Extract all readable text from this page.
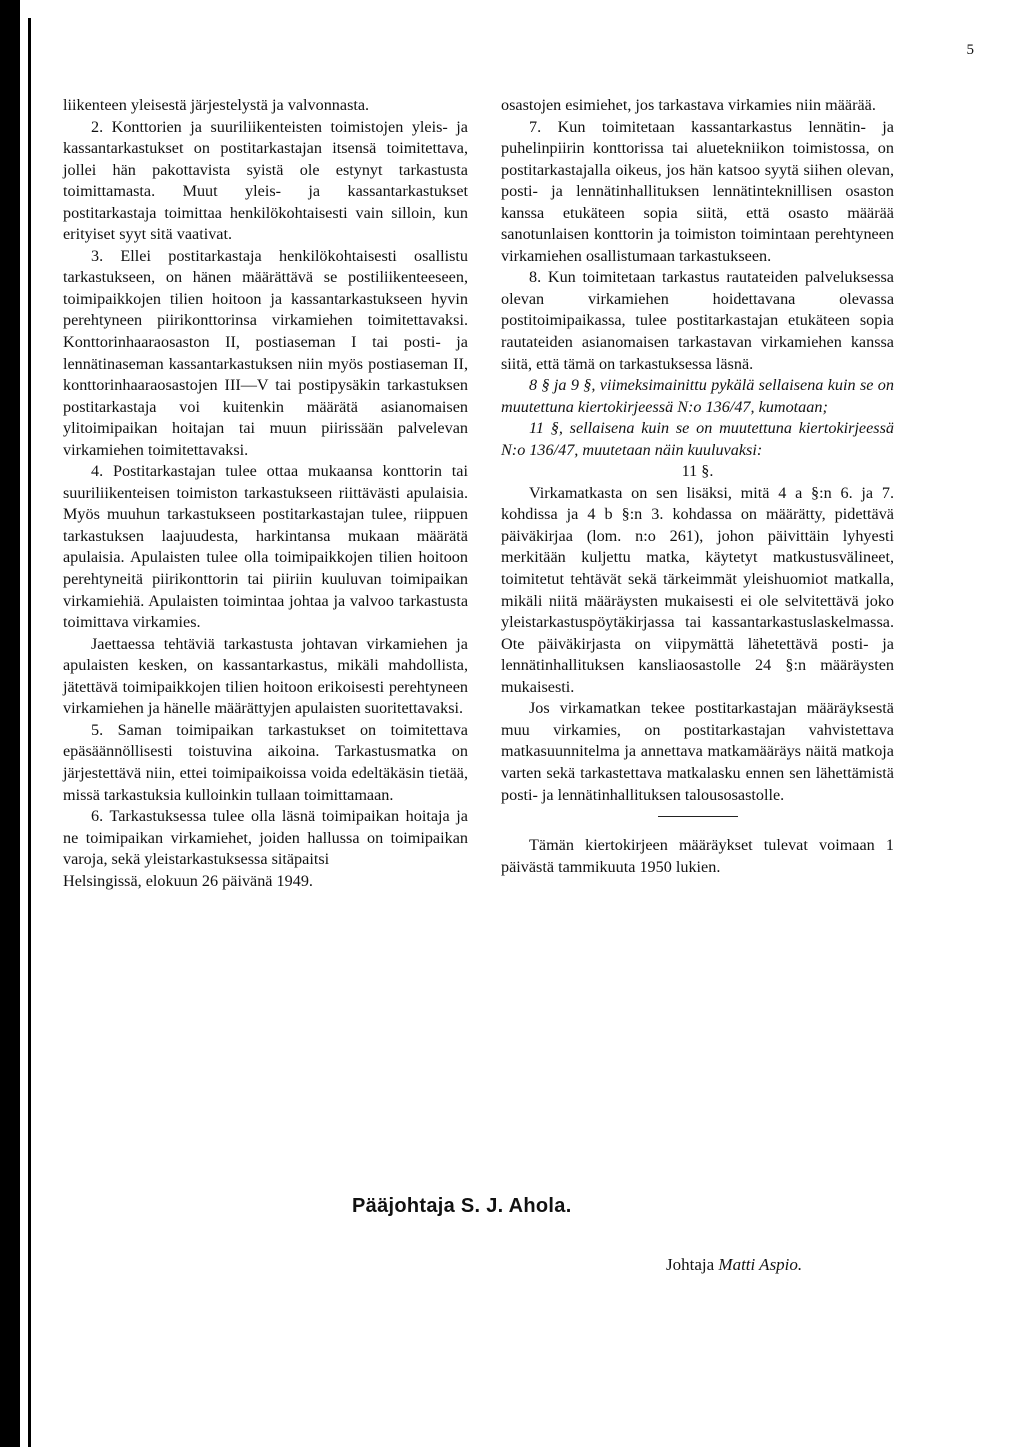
5

liikenteen yleisestä järjestelystä ja valvonnasta.

2. Konttorien ja suuriliikenteisten toimistojen yleis- ja kassantarkastukset on postitarkastajan itsensä toimitettava, jollei hän pakottavista syistä ole estynyt tarkastusta toimittamasta. Muut yleis- ja kassantarkastukset postitarkastaja toimittaa henkilökohtaisesti vain silloin, kun erityiset syyt sitä vaativat.

3. Ellei postitarkastaja henkilökohtaisesti osallistu tarkastukseen, on hänen määrättävä se postiliikenteeseen, toimipaikkojen tilien hoitoon ja kassantarkastukseen hyvin perehtyneen piirikonttorinsa virkamiehen toimitettavaksi. Konttorinhaaraosaston II, postiaseman I tai posti- ja lennätinaseman kassantarkastuksen niin myös postiaseman II, konttorinhaaraosastojen III—V tai postipysäkin tarkastuksen postitarkastaja voi kuitenkin määrätä asianomaisen ylitoimipaikan hoitajan tai muun piirissään palvelevan virkamiehen toimitettavaksi.

4. Postitarkastajan tulee ottaa mukaansa konttorin tai suuriliikenteisen toimiston tarkastukseen riittävästi apulaisia. Myös muuhun tarkastukseen postitarkastajan tulee, riippuen tarkastuksen laajuudesta, harkintansa mukaan määrätä apulaisia. Apulaisten tulee olla toimipaikkojen tilien hoitoon perehtyneitä piirikonttorin tai piiriin kuuluvan toimipaikan virkamiehiä. Apulaisten toimintaa johtaa ja valvoo tarkastusta toimittava virkamies.

Jaettaessa tehtäviä tarkastusta johtavan virkamiehen ja apulaisten kesken, on kassantarkastus, mikäli mahdollista, jätettävä toimipaikkojen tilien hoitoon erikoisesti perehtyneen virkamiehen ja hänelle määrättyjen apulaisten suoritettavaksi.

5. Saman toimipaikan tarkastukset on toimitettava epäsäännöllisesti toistuvina aikoina. Tarkastusmatka on järjestettävä niin, ettei toimipaikoissa voida edeltäkäsin tietää, missä tarkastuksia kulloinkin tullaan toimittamaan.

6. Tarkastuksessa tulee olla läsnä toimipaikan hoitaja ja ne toimipaikan virkamiehet, joiden hallussa on toimipaikan varoja, sekä yleistarkastuksessa sitäpaitsi

Helsingissä, elokuun 26 päivänä 1949.

osastojen esimiehet, jos tarkastava virkamies niin määrää.

7. Kun toimitetaan kassantarkastus lennätin- ja puhelinpiirin konttorissa tai aluetekniikon toimistossa, on postitarkastajalla oikeus, jos hän katsoo syytä siihen olevan, posti- ja lennätinhallituksen lennätinteknillisen osaston kanssa etukäteen sopia siitä, että osasto määrää sanotunlaisen konttorin ja toimiston toimintaan perehtyneen virkamiehen osallistumaan tarkastukseen.

8. Kun toimitetaan tarkastus rautateiden palveluksessa olevan virkamiehen hoidettavana olevassa postitoimipaikassa, tulee postitarkastajan etukäteen sopia rautateiden asianomaisen tarkastavan virkamiehen kanssa siitä, että tämä on tarkastuksessa läsnä.

8 § ja 9 §, viimeksimainittu pykälä sellaisena kuin se on muutettuna kiertokirjeessä N:o 136/47, kumotaan;

11 §, sellaisena kuin se on muutettuna kiertokirjeessä N:o 136/47, muutetaan näin kuuluvaksi:

11 §.

Virkamatkasta on sen lisäksi, mitä 4 a §:n 6. ja 7. kohdissa ja 4 b §:n 3. kohdassa on määrätty, pidettävä päiväkirjaa (lom. n:o 261), johon päivittäin lyhyesti merkitään kuljettu matka, käytetyt matkustusvälineet, toimitetut tehtävät sekä tärkeimmät yleishuomiot matkalla, mikäli niitä määräysten mukaisesti ei ole selvitettävä joko yleistarkastuspöytäkirjassa tai kassantarkastuslaskelmassa. Ote päiväkirjasta on viipymättä lähetettävä posti- ja lennätinhallituksen kansliaosastolle 24 §:n määräysten mukaisesti.

Jos virkamatkan tekee postitarkastajan määräyksestä muu virkamies, on postitarkastajan vahvistettava matkasuunnitelma ja annettava matkamääräys näitä matkoja varten sekä tarkastettava matkalasku ennen sen lähettämistä posti- ja lennätinhallituksen talousosastolle.

Tämän kiertokirjeen määräykset tulevat voimaan 1 päivästä tammikuuta 1950 lukien.

Pääjohtaja S. J. Ahola.
Johtaja Matti Aspio.
